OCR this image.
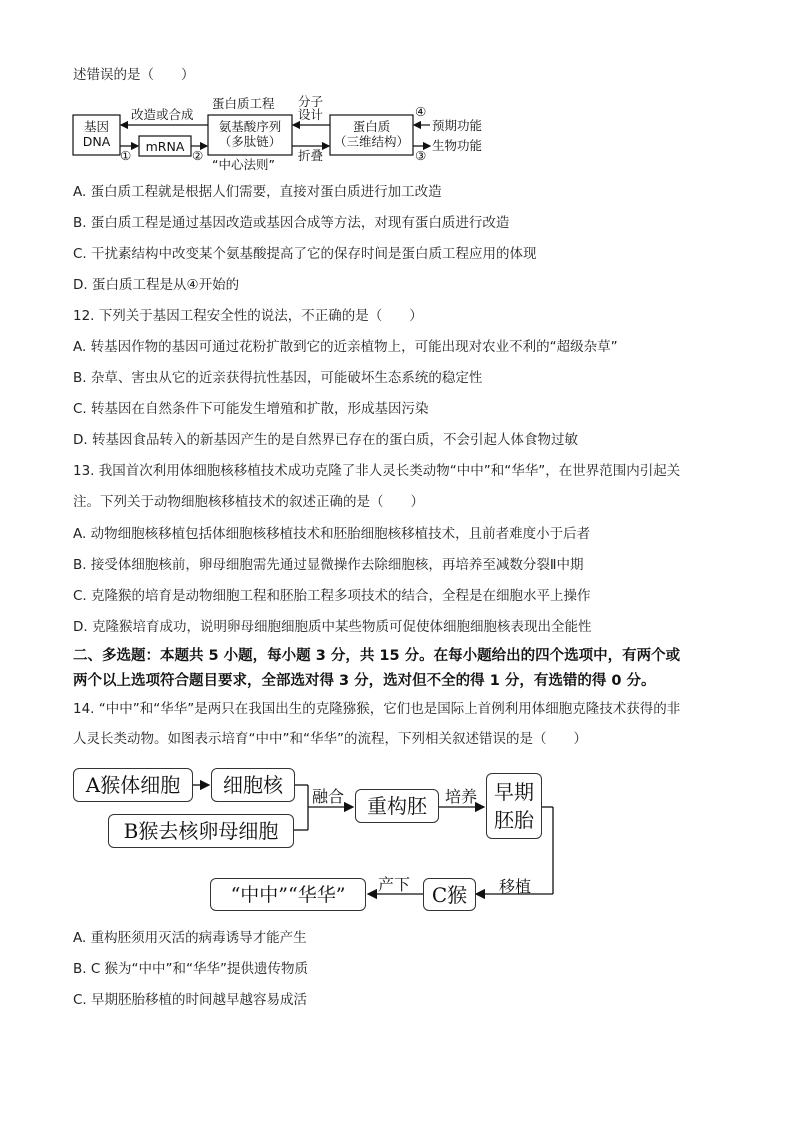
述错误的是（　　）
基因
DNA	mRNA
氨基酸序列
（多肽链）
蛋白质
（三维结构）
改造或合成
蛋白质工程 分子
设计
“中心法则”
折叠
预期功能
生物功能
①	②	③
④
A. 蛋白质工程就是根据人们需要，直接对蛋白质进行加工改造
B. 蛋白质工程是通过基因改造或基因合成等方法，对现有蛋白质进行改造
C. 干扰素结构中改变某个氨基酸提高了它的保存时间是蛋白质工程应用的体现
D. 蛋白质工程是从④开始的
12. 下列关于基因工程安全性的说法，不正确的是（　　）
A. 转基因作物的基因可通过花粉扩散到它的近亲植物上，可能出现对农业不利的“超级杂草”
B. 杂草、害虫从它的近亲获得抗性基因，可能破坏生态系统的稳定性
C. 转基因在自然条件下可能发生增殖和扩散，形成基因污染
D. 转基因食品转入的新基因产生的是自然界已存在的蛋白质，不会引起人体食物过敏
13. 我国首次利用体细胞核移植技术成功克隆了非人灵长类动物“中中”和“华华”，在世界范围内引起关
注。下列关于动物细胞核移植技术的叙述正确的是（　　）
A. 动物细胞核移植包括体细胞核移植技术和胚胎细胞核移植技术，且前者难度小于后者
B. 接受体细胞核前，卵母细胞需先通过显微操作去除细胞核，再培养至减数分裂Ⅱ中期
C. 克隆猴的培育是动物细胞工程和胚胎工程多项技术的结合，全程是在细胞水平上操作
D. 克隆猴培育成功，说明卵母细胞细胞质中某些物质可促使体细胞细胞核表现出全能性
二、多选题：本题共 5 小题，每小题 3 分，共 15 分。在每小题给出的四个选项中，有两个或
两个以上选项符合题目要求，全部选对得 3 分，选对但不全的得 1 分，有选错的得 0 分。
14. “中中”和“华华”是两只在我国出生的克隆猕猴，它们也是国际上首例利用体细胞克隆技术获得的非
人灵长类动物。如图表示培育“中中”和“华华”的流程，下列相关叙述错误的是（　　）
A猴体细胞	细胞核
B猴去核卵母细胞
重构胚
早期
胚胎
C猴
“中中”“华华”
融合	培养
移植
产下
A. 重构胚须用灭活的病毒诱导才能产生
B. C 猴为“中中”和“华华”提供遗传物质
C. 早期胚胎移植的时间越早越容易成活
